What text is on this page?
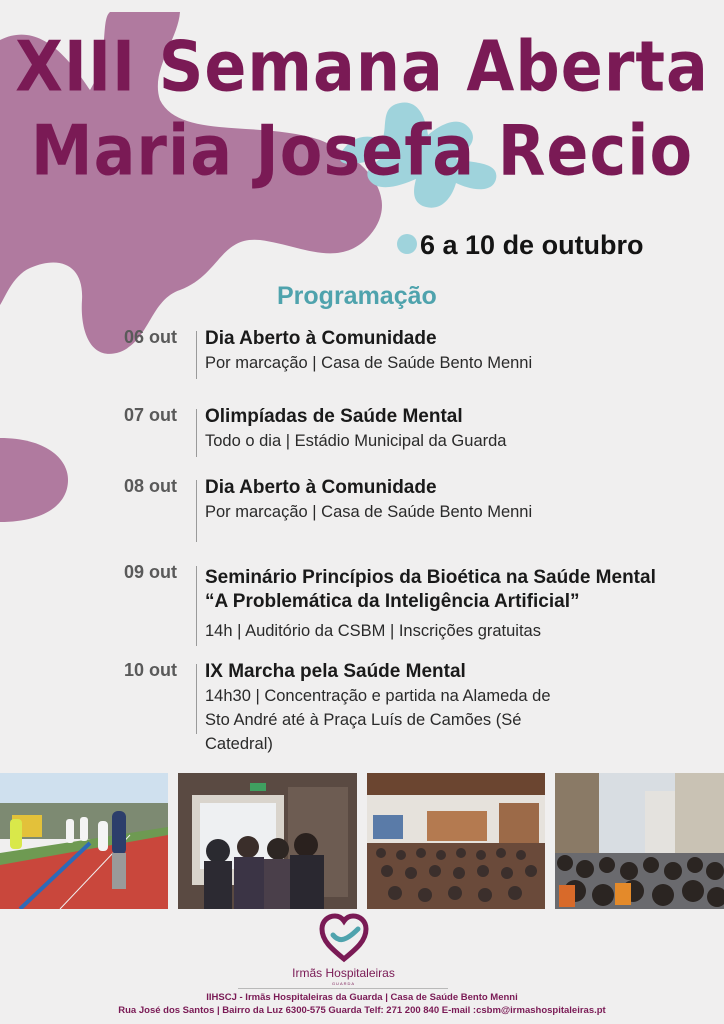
XIII Semana Aberta
Maria Josefa Recio
6 a 10 de outubro
Programação
06 out	Dia Aberto à Comunidade
Por marcação | Casa de Saúde Bento Menni
07 out	Olimpíadas de Saúde Mental
Todo o dia | Estádio Municipal da Guarda
08 out	Dia Aberto à Comunidade
Por marcação | Casa de Saúde Bento Menni
09 out	Seminário Princípios da Bioética na Saúde Mental
“A Problemática da Inteligência Artificial”
14h | Auditório da CSBM | Inscrições gratuitas
10 out	IX Marcha pela Saúde Mental
14h30 | Concentração e partida na Alameda de
Sto André até à Praça Luís de Camões (Sé
Catedral)
Irmãs Hospitaleiras
GUARDA
IIHSCJ - Irmãs Hospitaleiras da Guarda | Casa de Saúde Bento Menni
Rua José dos Santos | Bairro da Luz 6300-575 Guarda Telf: 271 200 840 E-mail :csbm@irmashospitaleiras.pt
